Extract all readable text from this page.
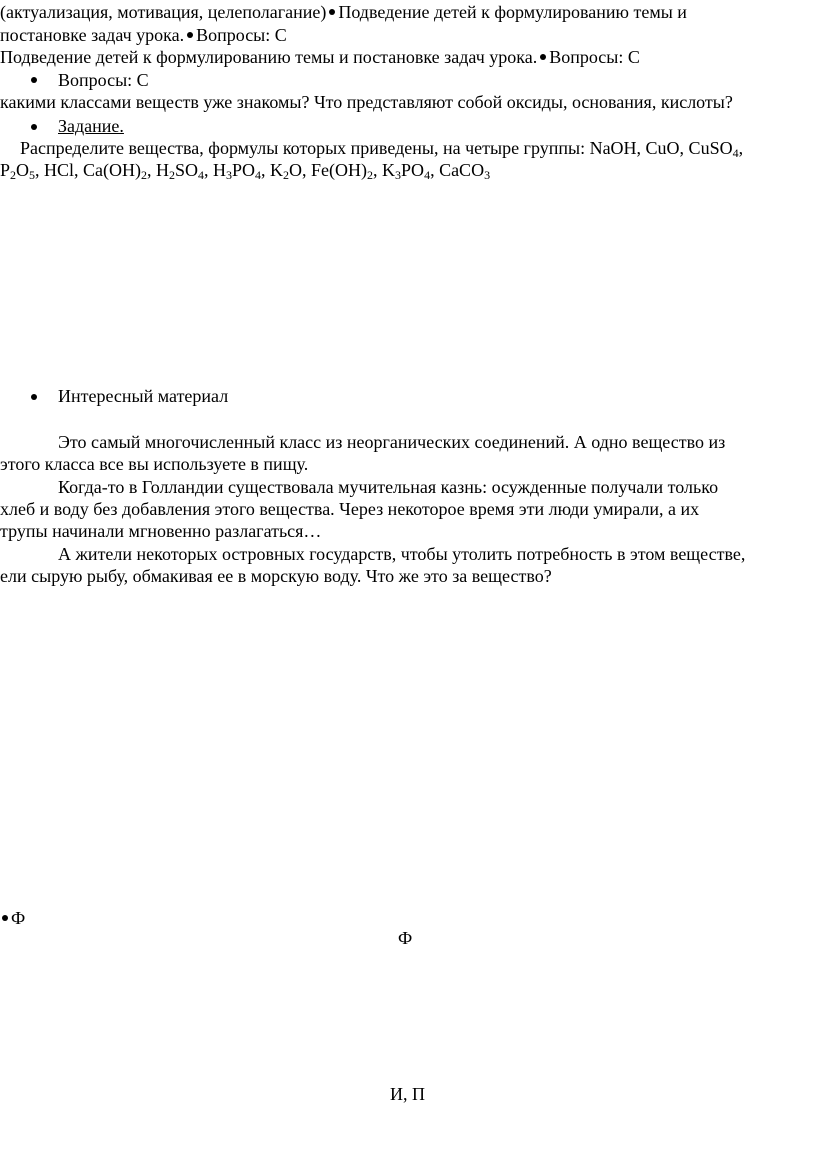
(актуализация, мотивация, целеполагание) Подведение детей к формулированию темы и
постановке задач урока. Вопросы: С
Подведение детей к формулированию темы и постановке задач урока. Вопросы: С
Вопросы: С
какими классами веществ уже знакомы? Что представляют собой оксиды, основания, кислоты?
Задание.
Распределите вещества, формулы которых приведены, на четыре группы: NaOH, CuO, CuSO$_4$,
$P_2O_5$, HCl, $Ca(OH)_2$, $H_2SO_4$, $H_3PO_4$, $K_2O$, $Fe(OH)_2$, $K_3PO_4$, CaCO$_3$
Интересный материал
Это самый многочисленный класс из неорганических соединений. А одно вещество из
этого класса все вы используете в пищу.
Когда-то в Голландии существовала мучительная казнь: осужденные получали только
хлеб и воду без добавления этого вещества. Через некоторое время эти люди умирали, а их
трупы начинали мгновенно разлагаться…
А жители некоторых островных государств, чтобы утолить потребность в этом веществе,
ели сырую рыбу, обмакивая ее в морскую воду. Что же это за вещество?
Ф
Ф
И, П
